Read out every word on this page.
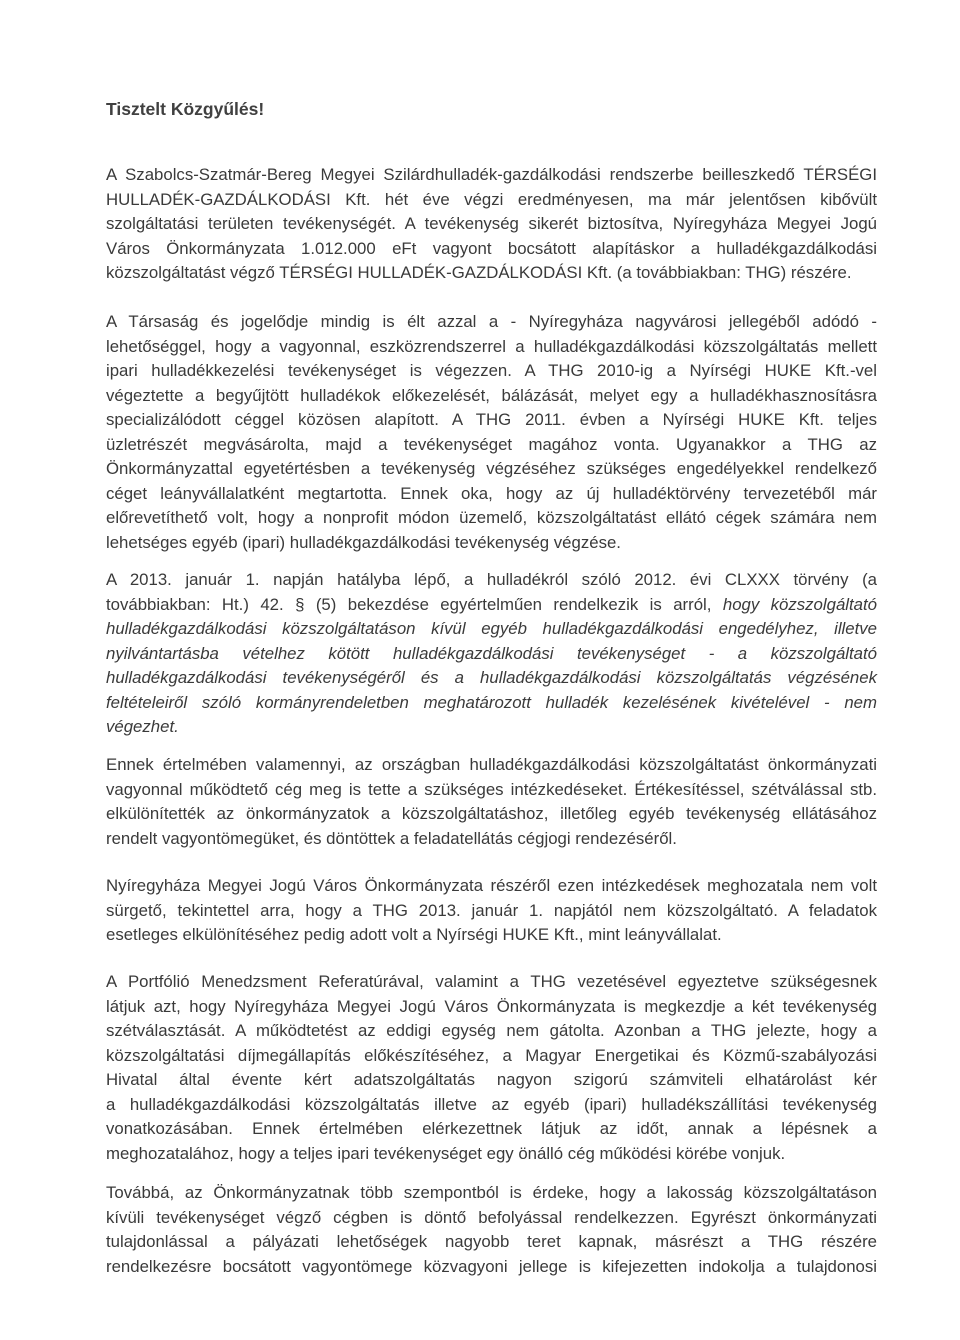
Tisztelt Közgyűlés!

A Szabolcs-Szatmár-Bereg Megyei Szilárdhulladék-gazdálkodási rendszerbe beilleszkedő TÉRSÉGI
HULLADÉK-GAZDÁLKODÁSI Kft. hét éve végzi eredményesen, ma már jelentősen kibővült
szolgáltatási területen tevékenységét. A tevékenység sikerét biztosítva, Nyíregyháza Megyei Jogú
Város Önkormányzata 1.012.000 eFt vagyont bocsátott alapításkor a hulladékgazdálkodási
közszolgáltatást végző TÉRSÉGI HULLADÉK-GAZDÁLKODÁSI Kft. (a továbbiakban: THG) részére.

A Társaság és jogelődje mindig is élt azzal a - Nyíregyháza nagyvárosi jellegéből adódó -
lehetőséggel, hogy a vagyonnal, eszközrendszerrel a hulladékgazdálkodási közszolgáltatás mellett
ipari hulladékkezelési tevékenységet is végezzen. A THG 2010-ig a Nyírségi HUKE Kft.-vel
végeztette a begyűjtött hulladékok előkezelését, bálázását, melyet egy a hulladékhasznosításra
specializálódott céggel közösen alapított. A THG 2011. évben a Nyírségi HUKE Kft. teljes
üzletrészét megvásárolta, majd a tevékenységet magához vonta. Ugyanakkor a THG az
Önkormányzattal egyetértésben a tevékenység végzéséhez szükséges engedélyekkel rendelkező
céget leányvállalatként megtartotta. Ennek oka, hogy az új hulladéktörvény tervezetéből már
előrevetíthető volt, hogy a nonprofit módon üzemelő, közszolgáltatást ellátó cégek számára nem
lehetséges egyéb (ipari) hulladékgazdálkodási tevékenység végzése.

A 2013. január 1. napján hatályba lépő, a hulladékról szóló 2012. évi CLXXX törvény (a
továbbiakban: Ht.) 42. § (5) bekezdése egyértelműen rendelkezik is arról, hogy közszolgáltató
hulladékgazdálkodási közszolgáltatáson kívül egyéb hulladékgazdálkodási engedélyhez, illetve
nyilvántartásba vételhez kötött hulladékgazdálkodási tevékenységet - a közszolgáltató
hulladékgazdálkodási tevékenységéről és a hulladékgazdálkodási közszolgáltatás végzésének
feltételeiről szóló kormányrendeletben meghatározott hulladék kezelésének kivételével - nem
végezhet.

Ennek értelmében valamennyi, az országban hulladékgazdálkodási közszolgáltatást önkormányzati
vagyonnal működtető cég meg is tette a szükséges intézkedéseket. Értékesítéssel, szétválással stb.
elkülönítették az önkormányzatok a közszolgáltatáshoz, illetőleg egyéb tevékenység ellátásához
rendelt vagyontömegüket, és döntöttek a feladatellátás cégjogi rendezéséről.

Nyíregyháza Megyei Jogú Város Önkormányzata részéről ezen intézkedések meghozatala nem volt
sürgető, tekintettel arra, hogy a THG 2013. január 1. napjától nem közszolgáltató. A feladatok
esetleges elkülönítéséhez pedig adott volt a Nyírségi HUKE Kft., mint leányvállalat.

A Portfólió Menedzsment Referatúrával, valamint a THG vezetésével egyeztetve szükségesnek
látjuk azt, hogy Nyíregyháza Megyei Jogú Város Önkormányzata is megkezdje a két tevékenység
szétválasztását. A működtetést az eddigi egység nem gátolta. Azonban a THG jelezte, hogy a
közszolgáltatási díjmegállapítás előkészítéséhez, a Magyar Energetikai és Közmű-szabályozási
Hivatal által évente kért adatszolgáltatás nagyon szigorú számviteli elhatárolást kér
a hulladékgazdálkodási közszolgáltatás illetve az egyéb (ipari) hulladékszállítási tevékenység
vonatkozásában. Ennek értelmében elérkezettnek látjuk az időt, annak a lépésnek a
meghozatalához, hogy a teljes ipari tevékenységet egy önálló cég működési körébe vonjuk.

Továbbá, az Önkormányzatnak több szempontból is érdeke, hogy a lakosság közszolgáltatáson
kívüli tevékenységet végző cégben is döntő befolyással rendelkezzen. Egyrészt önkormányzati
tulajdonlással a pályázati lehetőségek nagyobb teret kapnak, másrészt a THG részére
rendelkezésre bocsátott vagyontömege közvagyoni jellege is kifejezetten indokolja a tulajdonosi
